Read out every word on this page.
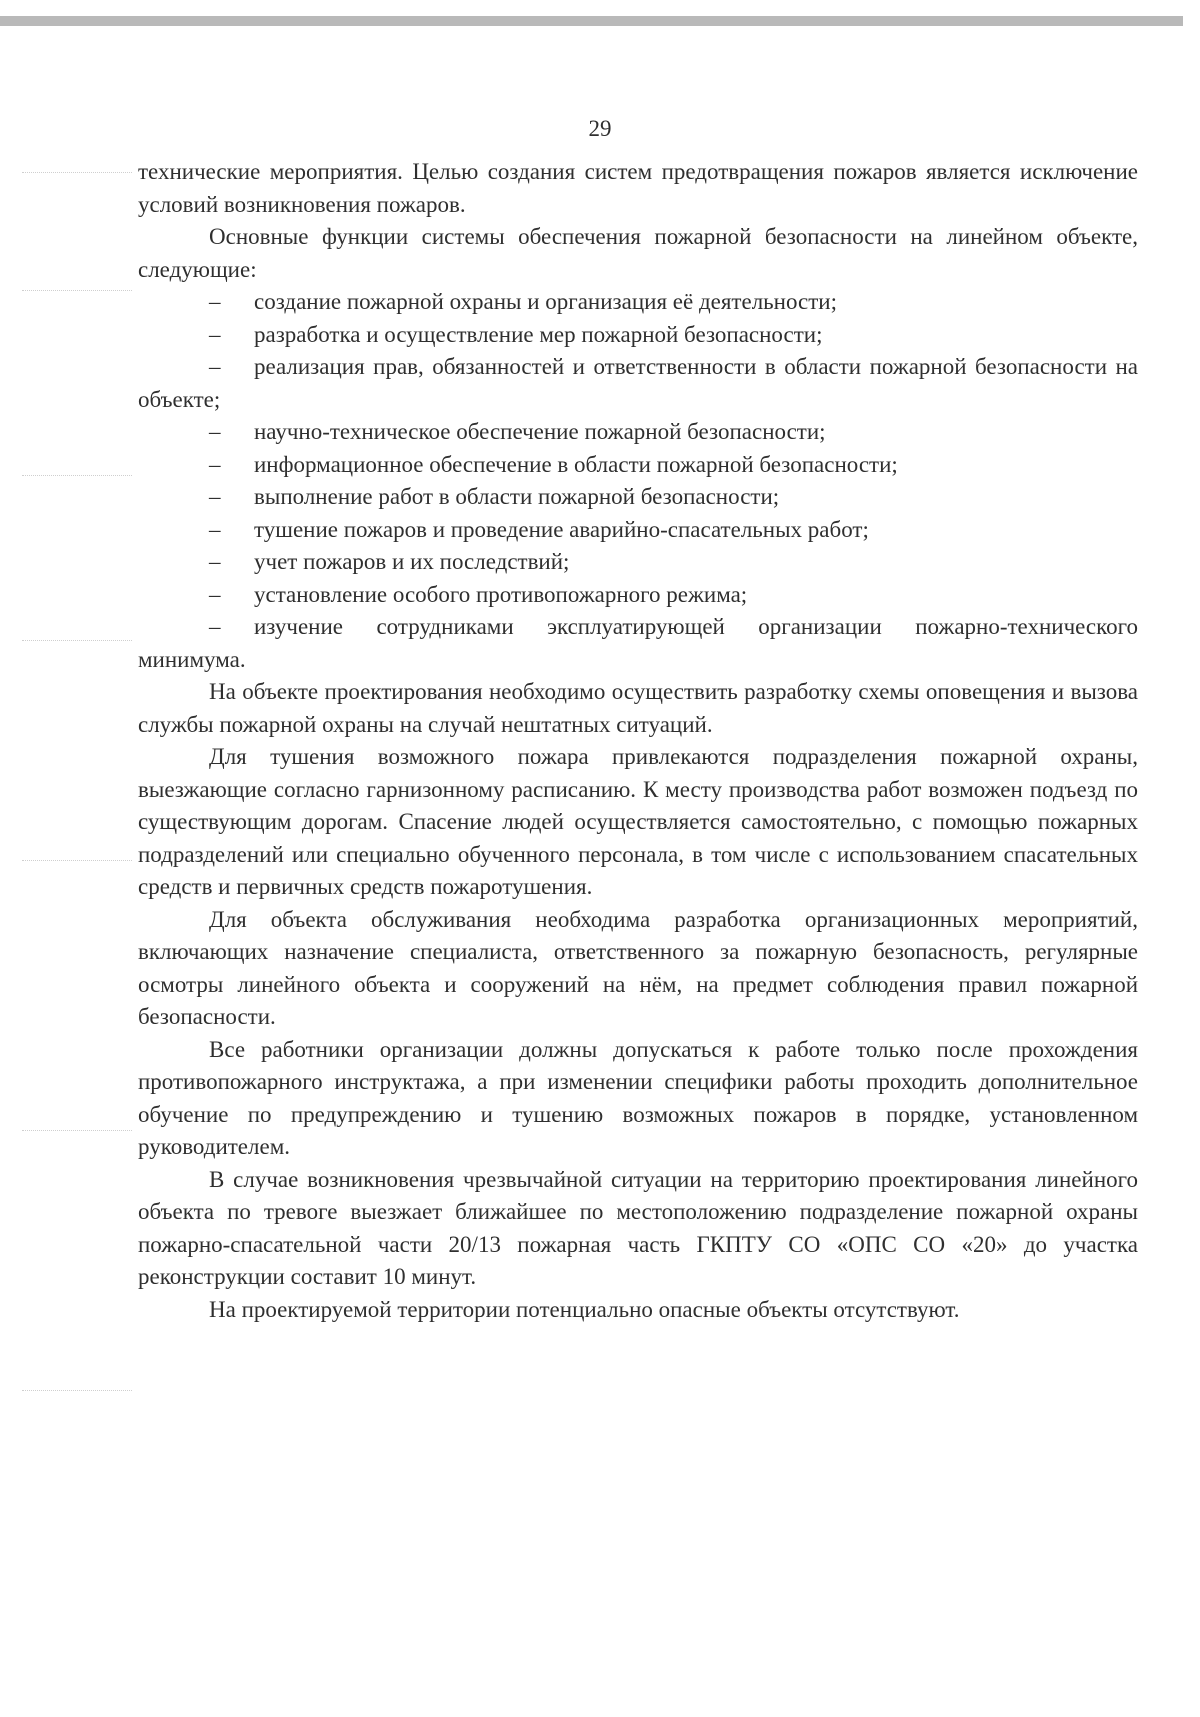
29

технические мероприятия. Целью создания систем предотвращения пожаров является исключение условий возникновения пожаров.

Основные функции системы обеспечения пожарной безопасности на линейном объекте, следующие:

–	создание пожарной охраны и организация её деятельности;
–	разработка и осуществление мер пожарной безопасности;
–	реализация прав, обязанностей и ответственности в области пожарной безопасности на объекте;
–	научно-техническое обеспечение пожарной безопасности;
–	информационное обеспечение в области пожарной безопасности;
–	выполнение работ в области пожарной безопасности;
–	тушение пожаров и проведение аварийно-спасательных работ;
–	учет пожаров и их последствий;
–	установление особого противопожарного режима;
–	изучение сотрудниками эксплуатирующей организации пожарно-технического минимума.

На объекте проектирования необходимо осуществить разработку схемы оповещения и вызова службы пожарной охраны на случай нештатных ситуаций.

Для тушения возможного пожара привлекаются подразделения пожарной охраны, выезжающие согласно гарнизонному расписанию. К месту производства работ возможен подъезд по существующим дорогам. Спасение людей осуществляется самостоятельно, с помощью пожарных подразделений или специально обученного персонала, в том числе с использованием спасательных средств и первичных средств пожаротушения.

Для объекта обслуживания необходима разработка организационных мероприятий, включающих назначение специалиста, ответственного за пожарную безопасность, регулярные осмотры линейного объекта и сооружений на нём, на предмет соблюдения правил пожарной безопасности.

Все работники организации должны допускаться к работе только после прохождения противопожарного инструктажа, а при изменении специфики работы проходить дополнительное обучение по предупреждению и тушению возможных пожаров в порядке, установленном руководителем.

В случае возникновения чрезвычайной ситуации на территорию проектирования линейного объекта по тревоге выезжает ближайшее по местоположению подразделение пожарной охраны пожарно-спасательной части 20/13 пожарная часть ГКПТУ СО «ОПС СО «20» до участка реконструкции составит 10 минут.

На проектируемой территории потенциально опасные объекты отсутствуют.
